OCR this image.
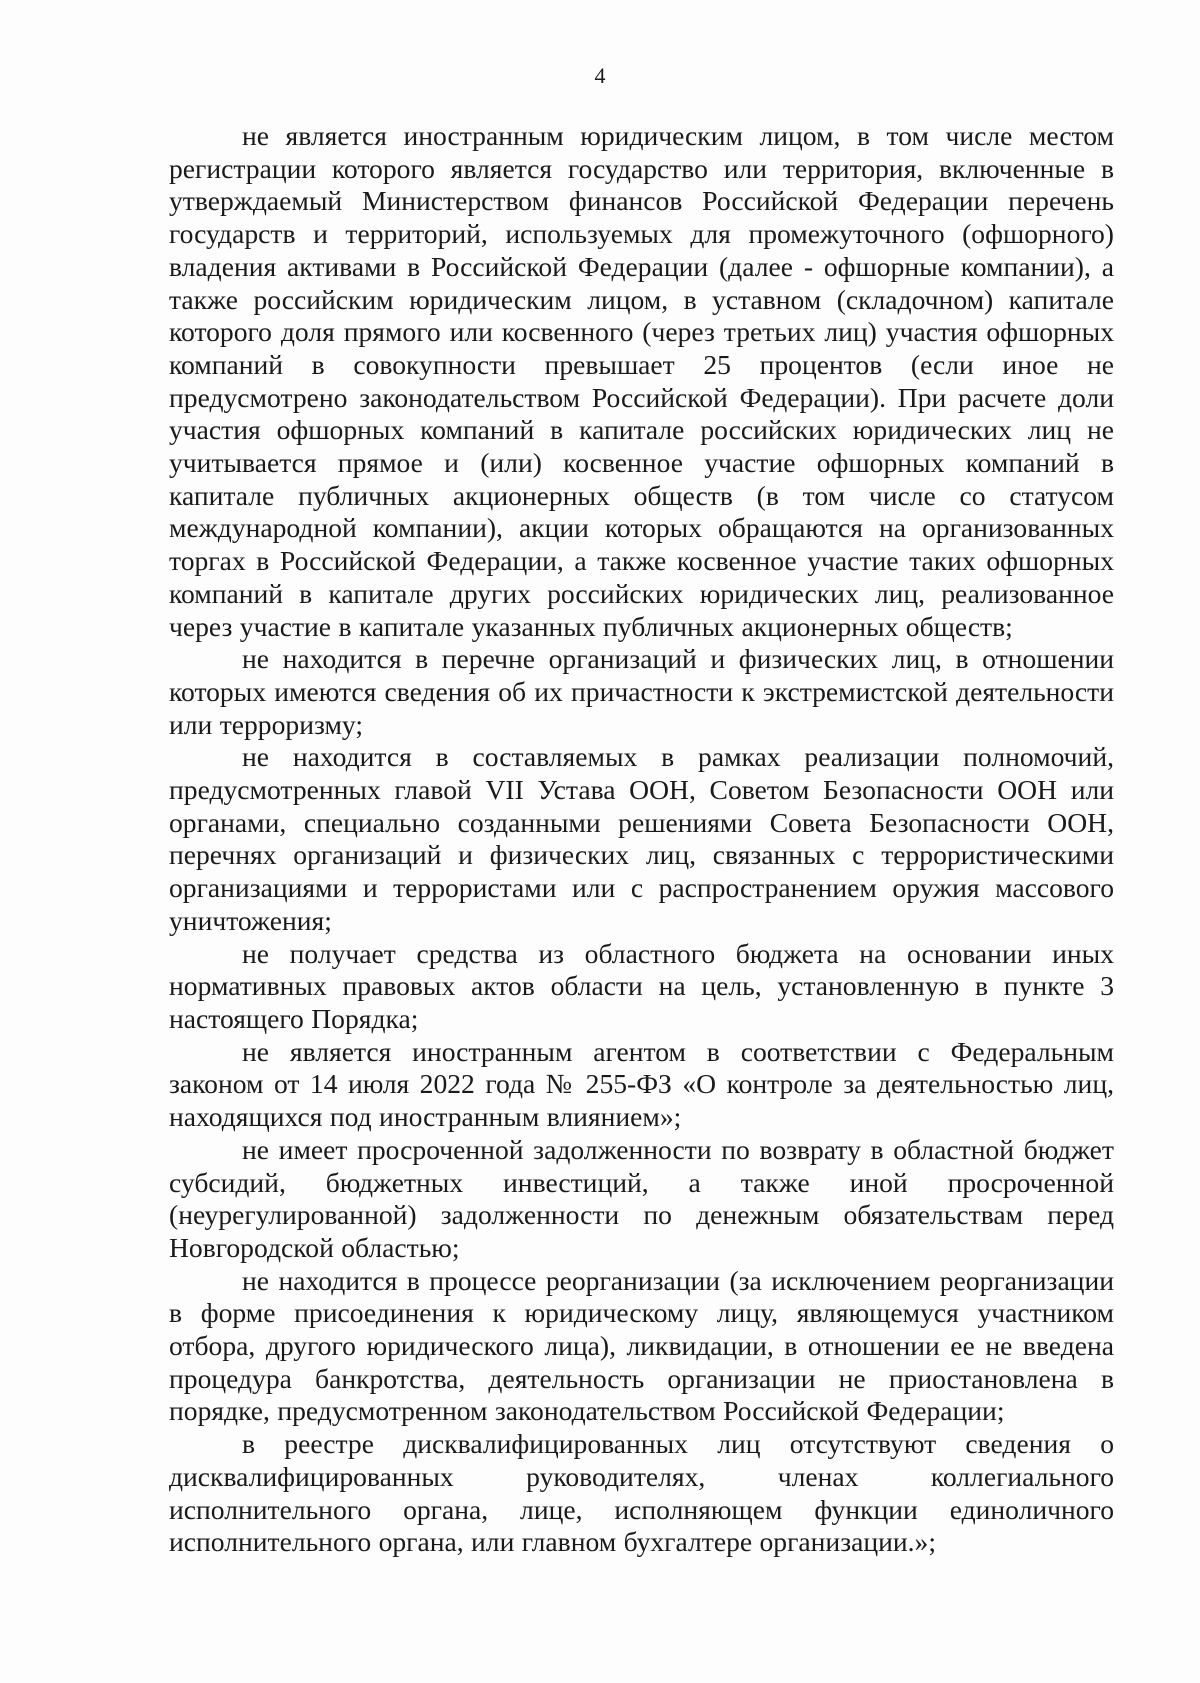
4

не является иностранным юридическим лицом, в том числе местом регистрации которого является государство или территория, включенные в утверждаемый Министерством финансов Российской Федерации перечень государств и территорий, используемых для промежуточного (офшорного) владения активами в Российской Федерации (далее - офшорные компании), а также российским юридическим лицом, в уставном (складочном) капитале которого доля прямого или косвенного (через третьих лиц) участия офшорных компаний в совокупности превышает 25 процентов (если иное не предусмотрено законодательством Российской Федерации). При расчете доли участия офшорных компаний в капитале российских юридических лиц не учитывается прямое и (или) косвенное участие офшорных компаний в капитале публичных акционерных обществ (в том числе со статусом международной компании), акции которых обращаются на организованных торгах в Российской Федерации, а также косвенное участие таких офшорных компаний в капитале других российских юридических лиц, реализованное через участие в капитале указанных публичных акционерных обществ;

не находится в перечне организаций и физических лиц, в отношении которых имеются сведения об их причастности к экстремистской деятельности или терроризму;

не находится в составляемых в рамках реализации полномочий, предусмотренных главой VII Устава ООН, Советом Безопасности ООН или органами, специально созданными решениями Совета Безопасности ООН, перечнях организаций и физических лиц, связанных с террористическими организациями и террористами или с распространением оружия массового уничтожения;

не получает средства из областного бюджета на основании иных нормативных правовых актов области на цель, установленную в пункте 3 настоящего Порядка;

не является иностранным агентом в соответствии с Федеральным законом от 14 июля 2022 года № 255-ФЗ «О контроле за деятельностью лиц, находящихся под иностранным влиянием»;

не имеет просроченной задолженности по возврату в областной бюджет субсидий, бюджетных инвестиций, а также иной просроченной (неурегулированной) задолженности по денежным обязательствам перед Новгородской областью;

не находится в процессе реорганизации (за исключением реорганизации в форме присоединения к юридическому лицу, являющемуся участником отбора, другого юридического лица), ликвидации, в отношении ее не введена процедура банкротства, деятельность организации не приостановлена в порядке, предусмотренном законодательством Российской Федерации;

в реестре дисквалифицированных лиц отсутствуют сведения о дисквалифицированных руководителях, членах коллегиального исполнительного органа, лице, исполняющем функции единоличного исполнительного органа, или главном бухгалтере организации.»;
